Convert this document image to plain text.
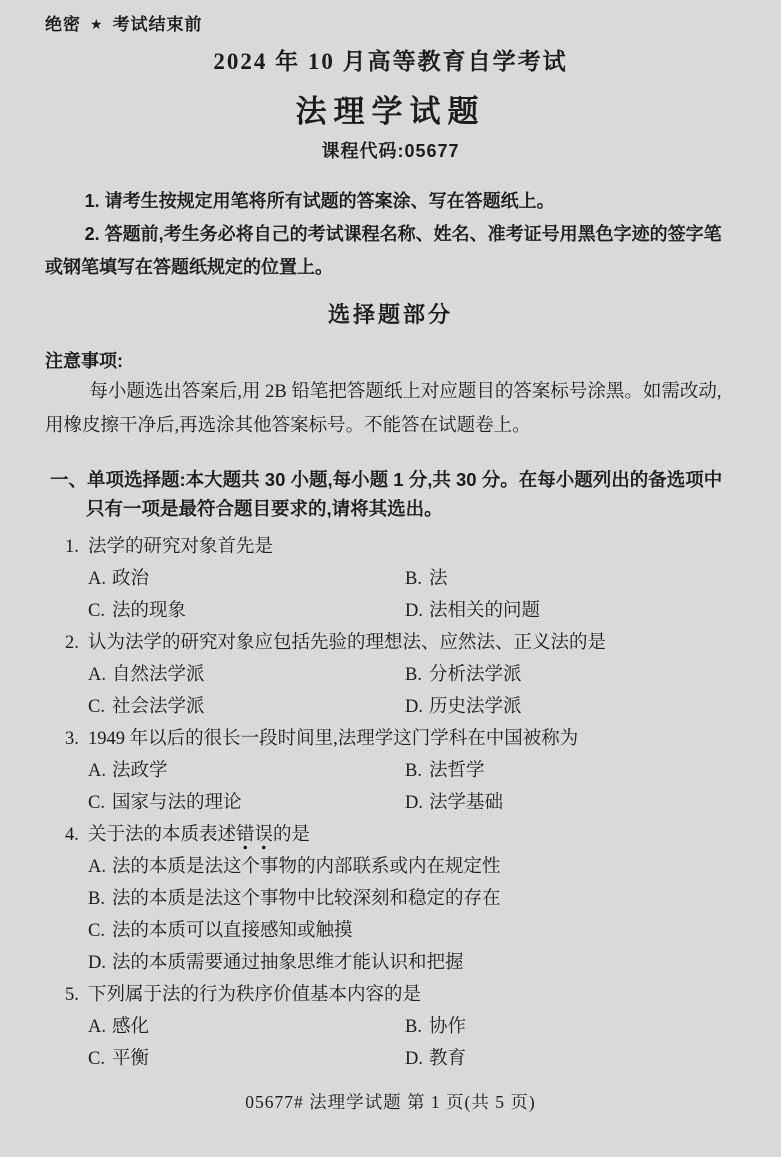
绝密 ★ 考试结束前
2024 年 10 月高等教育自学考试
法理学试题
课程代码:05677

1. 请考生按规定用笔将所有试题的答案涂、写在答题纸上。

2. 答题前,考生务必将自己的考试课程名称、姓名、准考证号用黑色字迹的签字笔或钢笔填写在答题纸规定的位置上。

选择题部分
注意事项:

每小题选出答案后,用 2B 铅笔把答题纸上对应题目的答案标号涂黑。如需改动,用橡皮擦干净后,再选涂其他答案标号。不能答在试题卷上。

一、单项选择题:本大题共 30 小题,每小题 1 分,共 30 分。在每小题列出的备选项中只有一项是最符合题目要求的,请将其选出。
1. 法学的研究对象首先是
A. 政治	B. 法
C. 法的现象	D. 法相关的问题
2. 认为法学的研究对象应包括先验的理想法、应然法、正义法的是
A. 自然法学派	B. 分析法学派
C. 社会法学派	D. 历史法学派
3. 1949 年以后的很长一段时间里,法理学这门学科在中国被称为
A. 法政学	B. 法哲学
C. 国家与法的理论	D. 法学基础
4. 关于法的本质表述错误的是
A. 法的本质是法这个事物的内部联系或内在规定性
B. 法的本质是法这个事物中比较深刻和稳定的存在
C. 法的本质可以直接感知或触摸
D. 法的本质需要通过抽象思维才能认识和把握
5. 下列属于法的行为秩序价值基本内容的是
A. 感化	B. 协作
C. 平衡	D. 教育
05677# 法理学试题 第 1 页(共 5 页)
